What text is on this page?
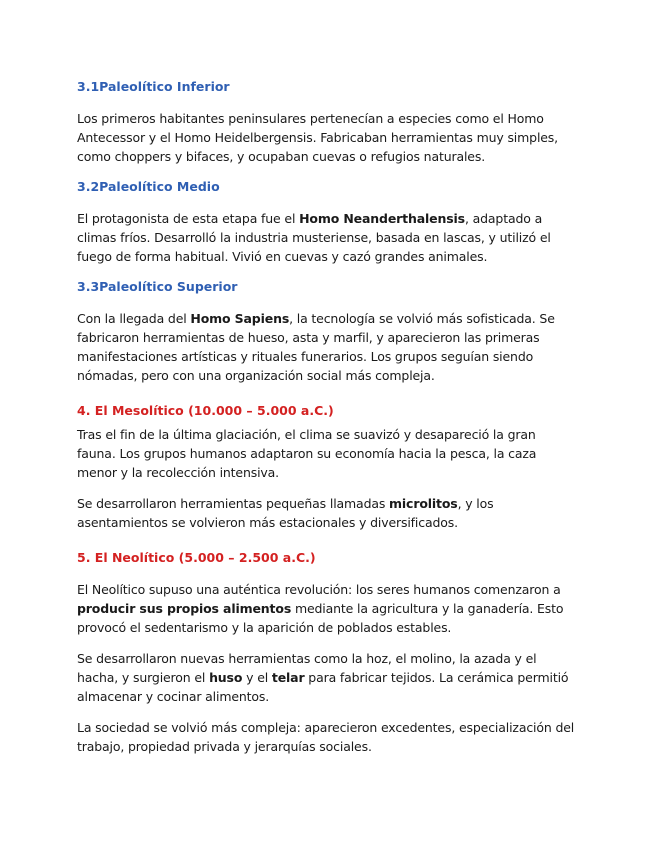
3.1Paleolítico Inferior

Los primeros habitantes peninsulares pertenecían a especies como el Homo Antecessor y el Homo Heidelbergensis. Fabricaban herramientas muy simples, como choppers y bifaces, y ocupaban cuevas o refugios naturales.

3.2Paleolítico Medio

El protagonista de esta etapa fue el Homo Neanderthalensis, adaptado a climas fríos. Desarrolló la industria musteriense, basada en lascas, y utilizó el fuego de forma habitual. Vivió en cuevas y cazó grandes animales.

3.3Paleolítico Superior

Con la llegada del Homo Sapiens, la tecnología se volvió más sofisticada. Se fabricaron herramientas de hueso, asta y marfil, y aparecieron las primeras manifestaciones artísticas y rituales funerarios. Los grupos seguían siendo nómadas, pero con una organización social más compleja.

4. El Mesolítico (10.000 – 5.000 a.C.)

Tras el fin de la última glaciación, el clima se suavizó y desapareció la gran fauna. Los grupos humanos adaptaron su economía hacia la pesca, la caza menor y la recolección intensiva.

Se desarrollaron herramientas pequeñas llamadas microlitos, y los asentamientos se volvieron más estacionales y diversificados.

5. El Neolítico (5.000 – 2.500 a.C.)

El Neolítico supuso una auténtica revolución: los seres humanos comenzaron a producir sus propios alimentos mediante la agricultura y la ganadería. Esto provocó el sedentarismo y la aparición de poblados estables.

Se desarrollaron nuevas herramientas como la hoz, el molino, la azada y el hacha, y surgieron el huso y el telar para fabricar tejidos. La cerámica permitió almacenar y cocinar alimentos.

La sociedad se volvió más compleja: aparecieron excedentes, especialización del trabajo, propiedad privada y jerarquías sociales.
